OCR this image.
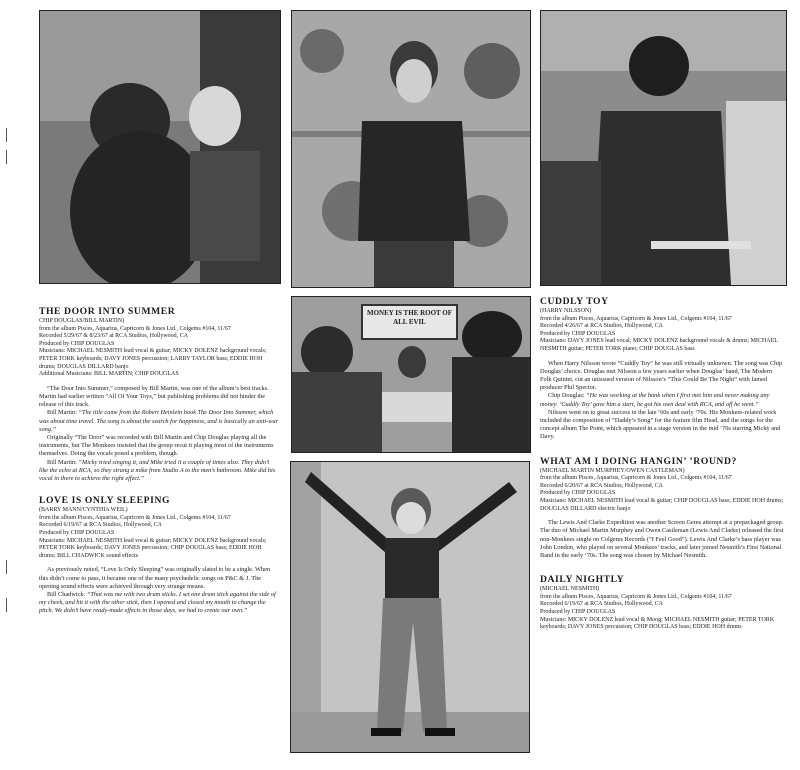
MONEY IS THE ROOT OF ALL EVIL
THE DOOR INTO SUMMER
CHIP DOUGLAS/BILL MARTIN)
from the album Pisces, Aquarius, Capricorn & Jones Ltd., Colgems #104, 11/67
Recorded 5/29/67 & 8/23/67 at RCA Studios, Hollywood, CA
Produced by CHIP DOUGLAS
Musicians: MICHAEL NESMITH lead vocal & guitar; MICKY DOLENZ background vocals; PETER TORK keyboards; DAVY JONES percussion; LARRY TAYLOR bass; EDDIE HOH drums; DOUGLAS DILLARD banjo
Additional Musicians: BILL MARTIN; CHIP DOUGLAS

“The Door Into Summer,” composed by Bill Martin, was one of the album’s best tracks. Martin had earlier written “All Of Your Toys,” but publishing problems did not hinder the release of this track.

Bill Martin: “The title came from the Robert Heinlein book The Door Into Summer, which was about time travel. The song is about the search for happiness, and is basically an anti-war song.”

Originally “The Door” was recorded with Bill Martin and Chip Douglas playing all the instruments, but The Monkees insisted that the group recut it playing most of the instruments themselves. Doing the vocals posed a problem, though.

Bill Martin: “Micky tried singing it, and Mike tried it a couple of times also. They didn’t like the echo at RCA, so they strung a mike from Studio A to the men’s bathroom. Mike did his vocal in there to achieve the right effect.”

LOVE IS ONLY SLEEPING
(BARRY MANN/CYNTHIA WEIL)
from the album Pisces, Aquarius, Capricorn & Jones Ltd., Colgems #104, 11/67
Recorded 6/19/67 at RCA Studios, Hollywood, CA
Produced by CHIP DOUGLAS
Musicians: MICHAEL NESMITH lead vocal & guitar; MICKY DOLENZ background vocals; PETER TORK keyboards; DAVY JONES percussion; CHIP DOUGLAS bass; EDDIE HOH drums; BILL CHADWICK sound effects

As previously noted, “Love Is Only Sleeping” was originally slated to be a single. When this didn’t come to pass, it became one of the many psychedelic songs on P&C & J. The opening sound effects were achieved through very strange means.

Bill Chadwick: “That was me with two drum sticks. I set one drum stick against the side of my cheek, and hit it with the other stick, then I opened and closed my mouth to change the pitch. We didn’t have ready-made effects in those days, we had to create our own.”

CUDDLY TOY
(HARRY NILSSON)
from the album Pisces, Aquarius, Capricorn & Jones Ltd., Colgems #104, 11/67
Recorded 4/26/67 at RCA Studios, Hollywood, CA
Produced by CHIP DOUGLAS
Musicians: DAVY JONES lead vocal; MICKY DOLENZ background vocals & drums; MICHAEL NESMITH guitar; PETER TORK piano; CHIP DOUGLAS bass

When Harry Nilsson wrote “Cuddly Toy” he was still virtually unknown. The song was Chip Douglas’ choice. Douglas met Nilsson a few years earlier when Douglas’ band, The Modern Folk Quintet, cut an unissued version of Nilsson’s “This Could Be The Night” with famed producer Phil Spector.

Chip Douglas: “He was working at the bank when I first met him and never making any money. ‘Cuddly Toy’ gave him a start, he got his own deal with RCA, and off he went.”

Nilsson went on to great success in the late ‘60s and early ‘70s. His Monkees-related work included the composition of “Daddy’s Song” for the feature film Head, and the songs for the concept album The Point, which appeared in a stage version in the mid ‘70s starring Micky and Davy.

WHAT AM I DOING HANGIN’ ’ROUND?
(MICHAEL MARTIN MURPHEY/OWEN CASTLEMAN)
from the album Pisces, Aquarius, Capricorn & Jones Ltd., Colgems #104, 11/67
Recorded 6/20/67 at RCA Studios, Hollywood, CA
Produced by CHIP DOUGLAS
Musicians: MICHAEL NESMITH lead vocal & guitar; CHIP DOUGLAS bass; EDDIE HOH drums; DOUGLAS DILLARD electric banjo

The Lewis And Clarke Expedition was another Screen Gems attempt at a prepackaged group. The duo of Michael Martin Murphey and Owen Castleman (Lewis And Clarke) released the first non-Monkees single on Colgems Records (“I Feel Good”). Lewis And Clarke’s bass player was John London, who played on several Monkees’ tracks, and later joined Nesmith’s First National Band in the early ‘70s. The song was chosen by Michael Nesmith.

DAILY NIGHTLY
(MICHAEL NESMITH)
from the album Pisces, Aquarius, Capricorn & Jones Ltd., Colgems #104, 11/67
Recorded 6/19/67 at RCA Studios, Hollywood, CA
Produced by CHIP DOUGLAS
Musicians: MICKY DOLENZ lead vocal & Moog; MICHAEL NESMITH guitar; PETER TORK keyboards; DAVY JONES percussion; CHIP DOUGLAS bass; EDDIE HOH drums
